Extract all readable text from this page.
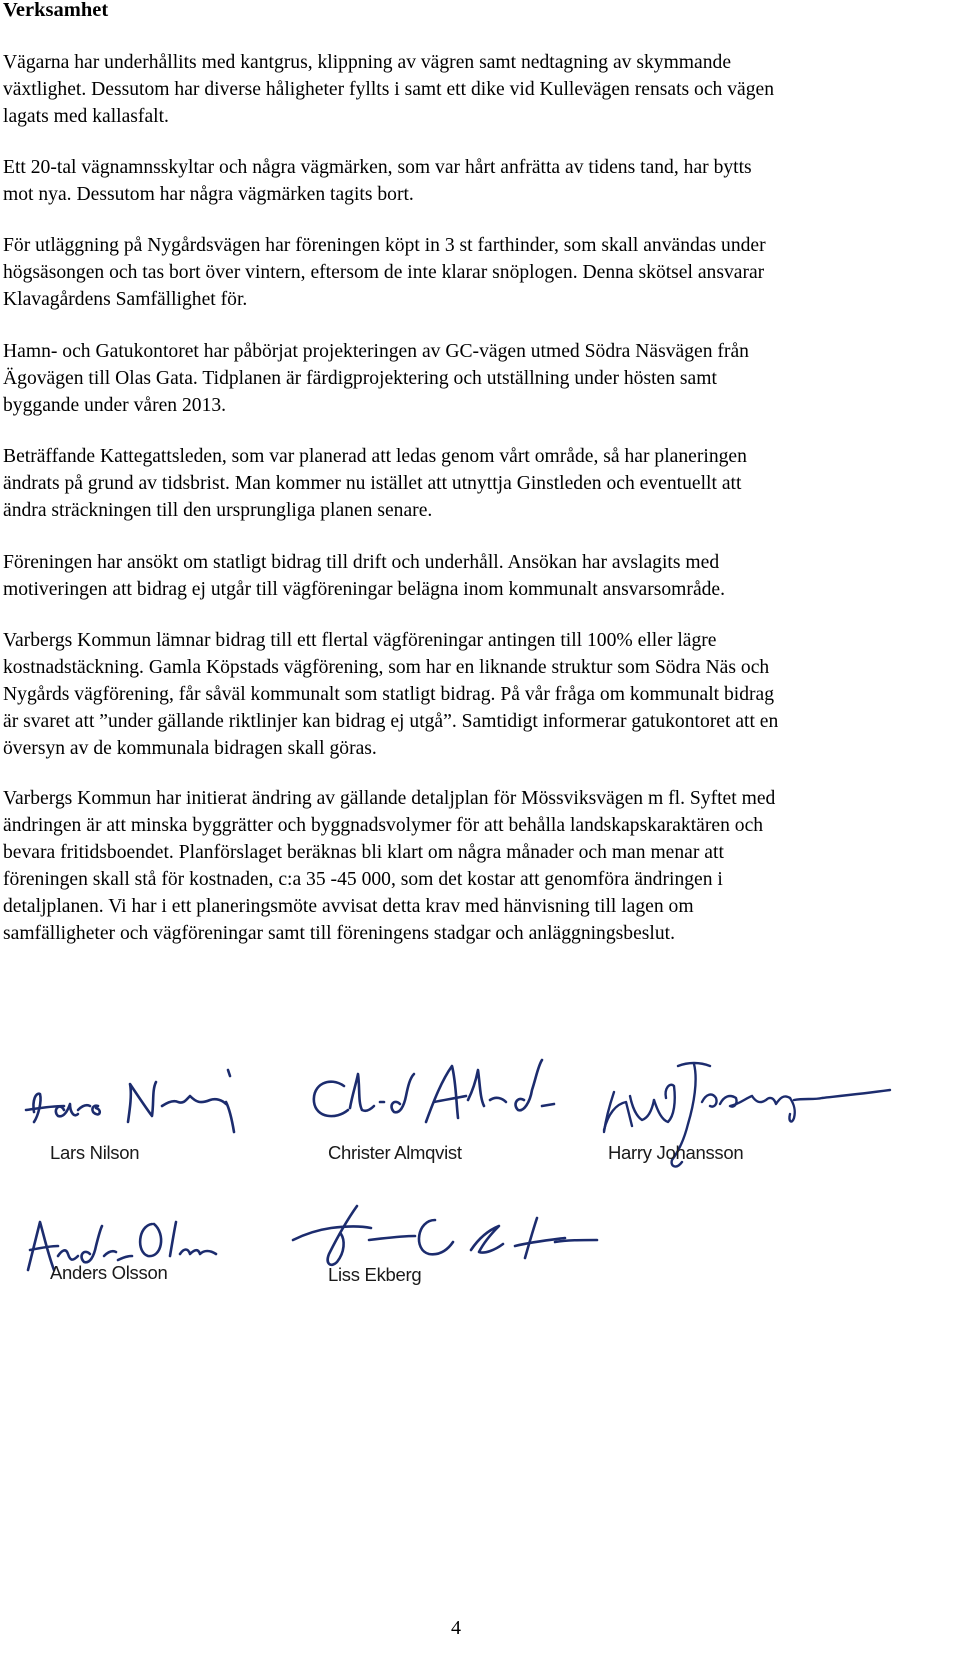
Verksamhet

Vägarna har underhållits med kantgrus, klippning av vägren samt nedtagning av skymmande
växtlighet. Dessutom har diverse håligheter fyllts i samt ett dike vid Kullevägen rensats och vägen
lagats med kallasfalt.

Ett 20-tal vägnamnsskyltar och några vägmärken, som var hårt anfrätta av tidens tand, har bytts
mot nya. Dessutom har några vägmärken tagits bort.

För utläggning på Nygårdsvägen har föreningen köpt in 3 st farthinder, som skall användas under
högsäsongen och tas bort över vintern, eftersom de inte klarar snöplogen. Denna skötsel ansvarar
Klavagårdens Samfällighet för.

Hamn- och Gatukontoret har påbörjat projekteringen av GC-vägen utmed Södra Näsvägen från
Ägovägen till Olas Gata. Tidplanen är färdigprojektering och utställning under hösten samt
byggande under våren 2013.

Beträffande Kattegattsleden, som var planerad att ledas genom vårt område, så har planeringen
ändrats på grund av tidsbrist. Man kommer nu istället att utnyttja Ginstleden och eventuellt att
ändra sträckningen till den ursprungliga planen senare.

Föreningen har ansökt om statligt bidrag till drift och underhåll. Ansökan har avslagits med
motiveringen att bidrag ej utgår till vägföreningar belägna inom kommunalt ansvarsområde.

Varbergs Kommun lämnar bidrag till ett flertal vägföreningar antingen till 100% eller lägre
kostnadstäckning. Gamla Köpstads vägförening, som har en liknande struktur som Södra Näs och
Nygårds vägförening, får såväl kommunalt som statligt bidrag. På vår fråga om kommunalt bidrag
är svaret att ”under gällande riktlinjer kan bidrag ej utgå”. Samtidigt informerar gatukontoret att en
översyn av de kommunala bidragen skall göras.

Varbergs Kommun har initierat ändring av gällande detaljplan för Mössviksvägen m fl. Syftet med
ändringen är att minska byggrätter och byggnadsvolymer för att behålla landskapskaraktären och
bevara fritidsboendet. Planförslaget beräknas bli klart om några månader och man menar att
föreningen skall stå för kostnaden, c:a 35 -45 000, som det kostar att genomföra ändringen i
detaljplanen. Vi har i ett planeringsmöte avvisat detta krav med hänvisning till lagen om
samfälligheter och vägföreningar samt till föreningens stadgar och anläggningsbeslut.

Lars Nilson	Christer Almqvist	Harry Johansson
Anders Olsson	Liss Ekberg
4
